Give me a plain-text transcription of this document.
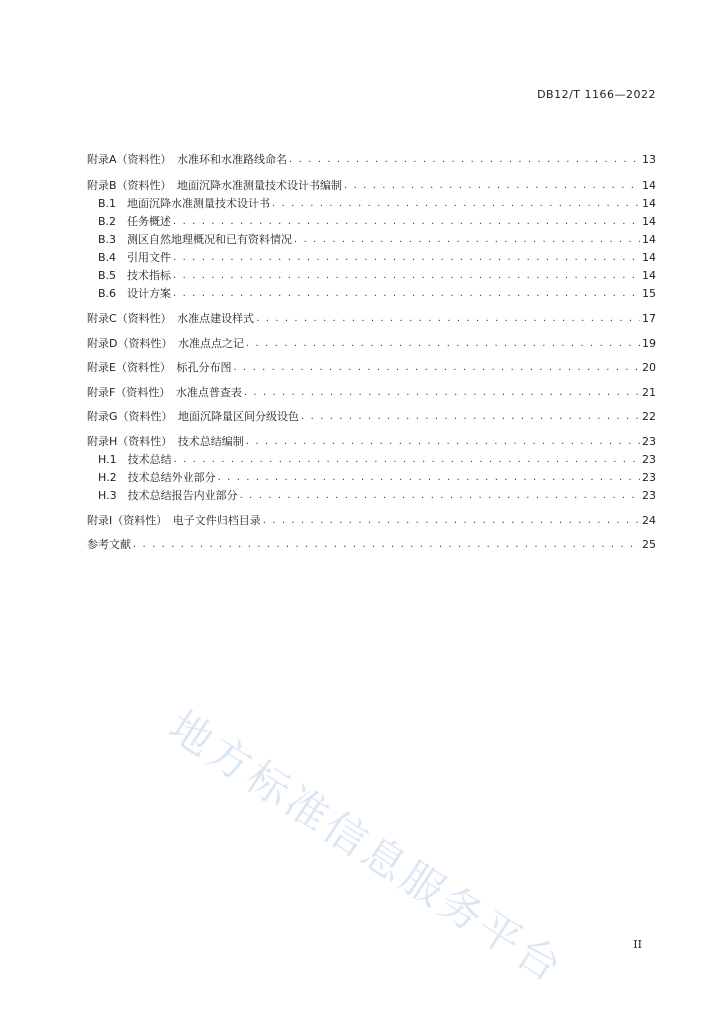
DB12/T 1166—2022
附录A（资料性）　水准环和水准路线命名 . . .	13
附录B（资料性）　地面沉降水准测量技术设计书编制 . . .	14
B.1　地面沉降水准测量技术设计书 . . .	14
B.2　任务概述 . . .	14
B.3　测区自然地理概况和已有资料情况 . . .	14
B.4　引用文件 . . .	14
B.5　技术指标 . . .	14
B.6　设计方案 . . .	15
附录C（资料性）　水准点建设样式 . . .	17
附录D（资料性）　水准点点之记 . . .	19
附录E（资料性）　标孔分布图 . . .	20
附录F（资料性）　水准点普查表 . . .	21
附录G（资料性）　地面沉降量区间分级设色 . . .	22
附录H（资料性）　技术总结编制 . . .	23
H.1　技术总结 . . .	23
H.2　技术总结外业部分 . . .	23
H.3　技术总结报告内业部分 . . .	23
附录I（资料性）　电子文件归档目录 . . .	24
参考文献 . . .	25
地方标准信息服务平台	II
